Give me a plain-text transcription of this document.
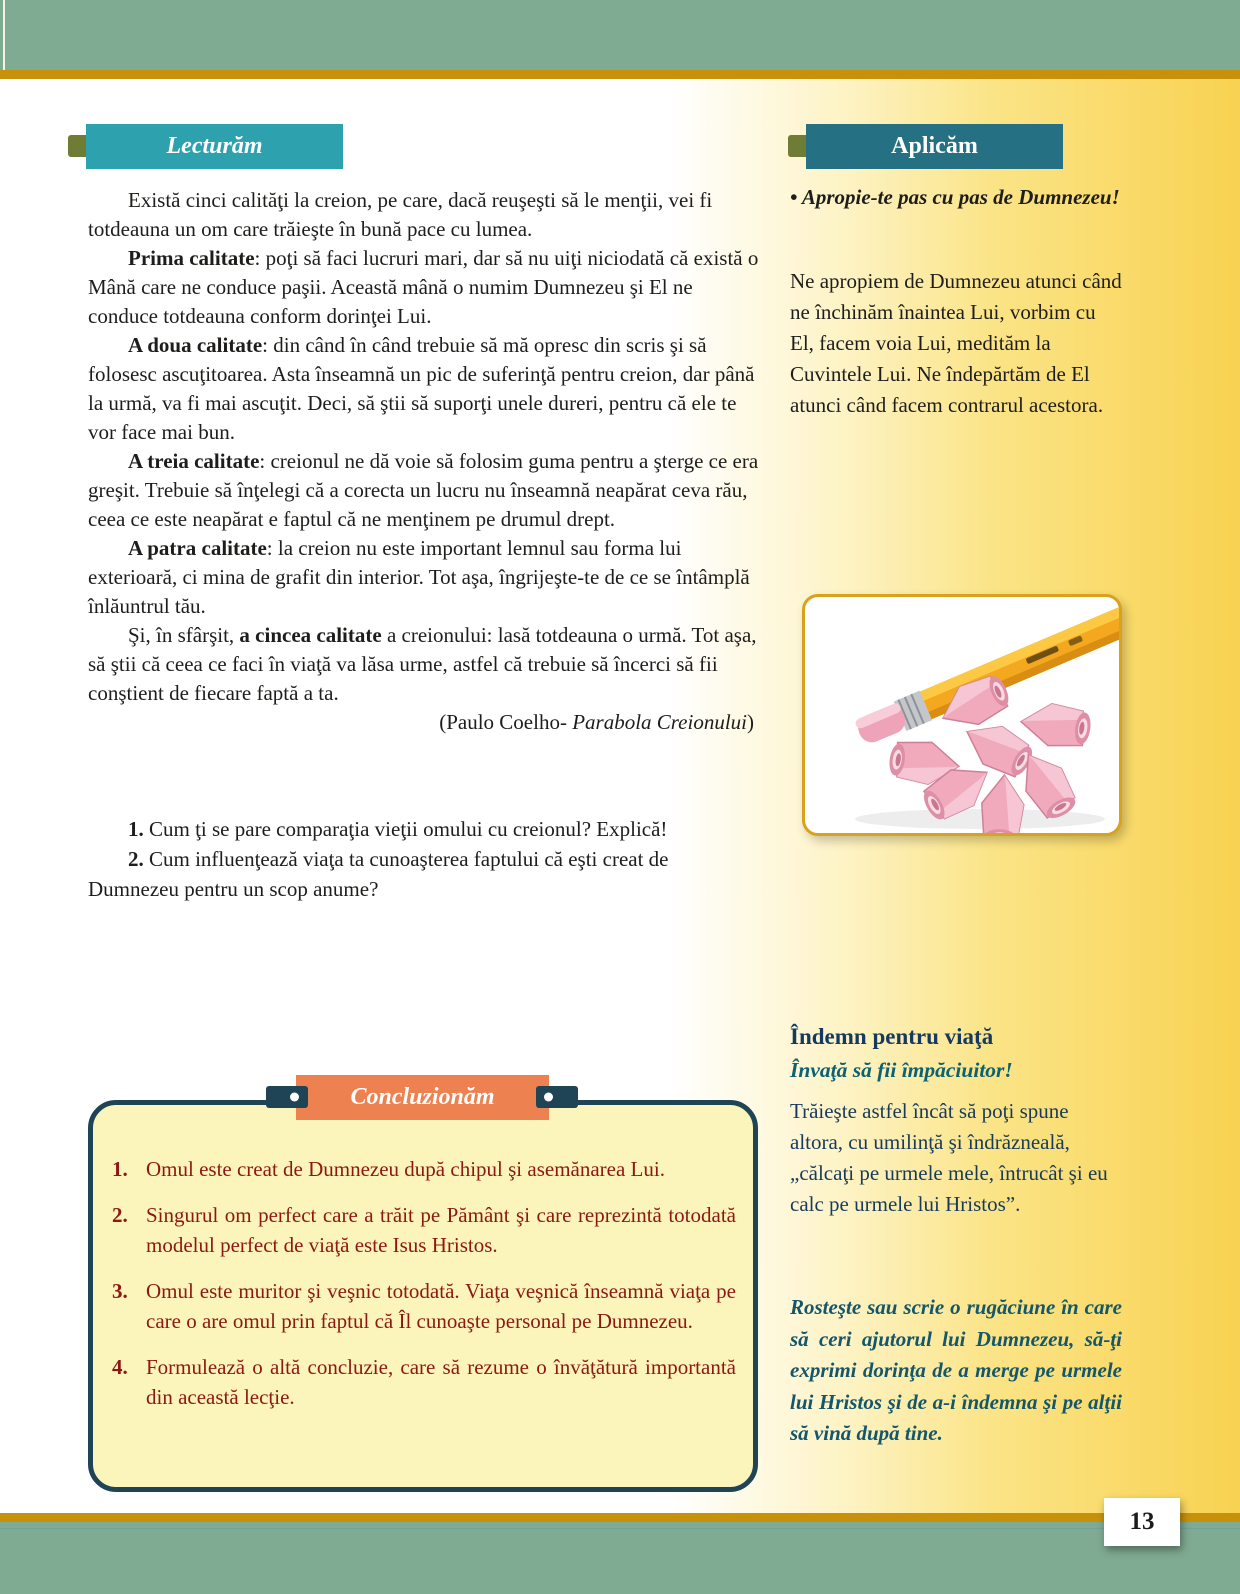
Lecturăm	Aplicăm

Există cinci calităţi la creion, pe care, dacă reuşeşti să le menţii, vei fi totdeauna un om care trăieşte în bună pace cu lumea.

Prima calitate: poţi să faci lucruri mari, dar să nu uiţi niciodată că există o Mână care ne conduce paşii. Această mână o numim Dumnezeu şi El ne conduce totdeauna conform dorinţei Lui.

A doua calitate: din când în când trebuie să mă opresc din scris şi să folosesc ascuţitoarea. Asta înseamnă un pic de suferinţă pentru creion, dar până la urmă, va fi mai ascuţit. Deci, să ştii să suporţi unele dureri, pentru că ele te vor face mai bun.

A treia calitate: creionul ne dă voie să folosim guma pentru a şterge ce era greşit. Trebuie să înţelegi că a corecta un lucru nu înseamnă neapărat ceva rău, ceea ce este neapărat e faptul că ne menţinem pe drumul drept.

A patra calitate: la creion nu este important lemnul sau forma lui exterioară, ci mina de grafit din interior. Tot aşa, îngrijeşte-te de ce se întâmplă înlăuntrul tău.

Şi, în sfârşit, a cincea calitate a creionului: lasă totdeauna o urmă. Tot aşa, să ştii că ceea ce faci în viaţă va lăsa urme, astfel că trebuie să încerci să fii conştient de fiecare faptă a ta.

(Paulo Coelho- Parabola Creionului)

1. Cum ţi se pare comparaţia vieţii omului cu creionul? Explică!

2. Cum influenţează viaţa ta cunoaşterea faptului că eşti creat de Dumnezeu pentru un scop anume?

• Apropie-te pas cu pas de Dumnezeu!
Ne apropiem de Dumnezeu atunci când ne închinăm înaintea Lui, vorbim cu El, facem voia Lui, medităm la Cuvintele Lui. Ne îndepărtăm de El atunci când facem contrarul acestora.
Îndemn pentru viaţă
Învaţă să fii împăciuitor!
Trăieşte astfel încât să poţi spune altora, cu umilinţă şi îndrăzneală, „călcaţi pe urmele mele, întrucât şi eu calc pe urmele lui Hristos”.
Rosteşte sau scrie o rugăciune în care să ceri ajutorul lui Dumnezeu, să-ţi exprimi dorinţa de a merge pe urmele lui Hristos şi de a-i îndemna şi pe alţii să vină după tine.
Concluzionăm
1. Omul este creat de Dumnezeu după chipul şi asemănarea Lui.
2. Singurul om perfect care a trăit pe Pământ şi care reprezintă totodată modelul perfect de viaţă este Isus Hristos.
3. Omul este muritor şi veşnic totodată. Viaţa veşnică înseamnă viaţa pe care o are omul prin faptul că Îl cunoaşte personal pe Dumnezeu.
4. Formulează o altă concluzie, care să rezume o învăţătură importantă din această lecţie.
13
